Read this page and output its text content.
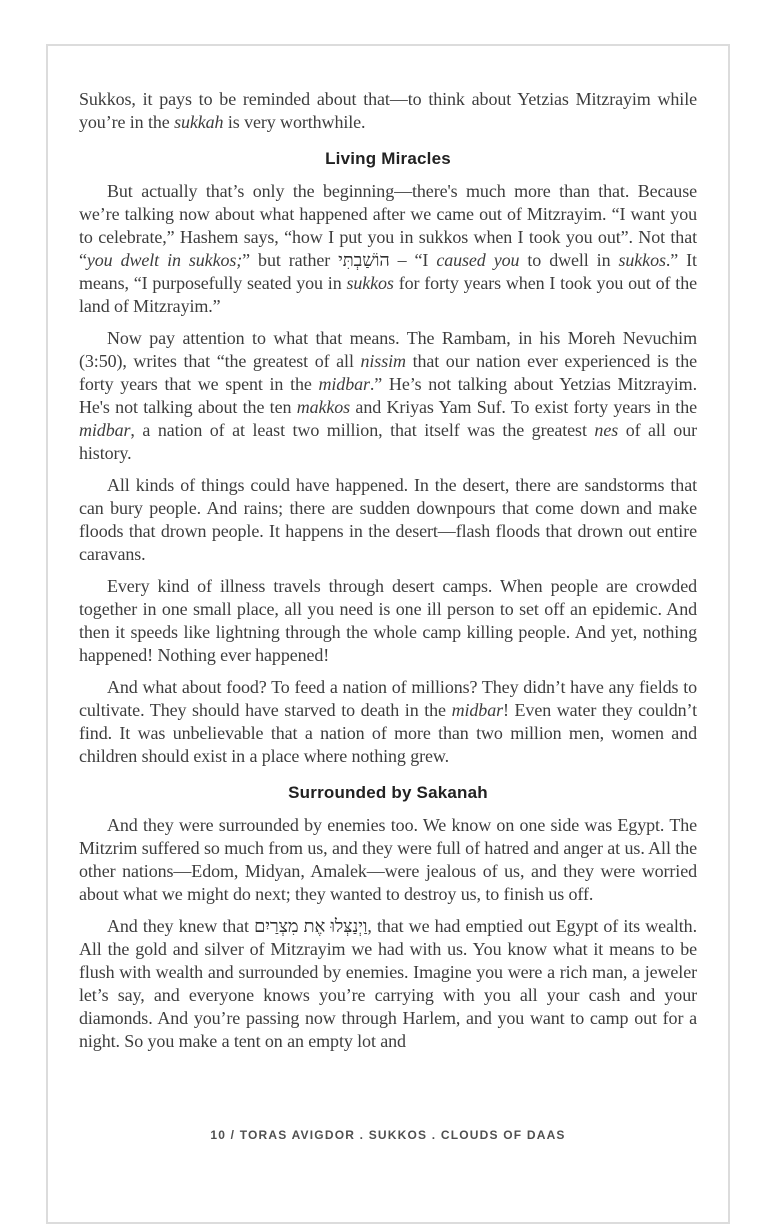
Sukkos, it pays to be reminded about that—to think about Yetzias Mitzrayim while you’re in the sukkah is very worthwhile.

Living Miracles

But actually that’s only the beginning—there's much more than that. Because we’re talking now about what happened after we came out of Mitzrayim. “I want you to celebrate,” Hashem says, “how I put you in sukkos when I took you out”. Not that “you dwelt in sukkos;” but rather הוֹשַׁבְתִּי – “I caused you to dwell in sukkos.” It means, “I purposefully seated you in sukkos for forty years when I took you out of the land of Mitzrayim.”

Now pay attention to what that means. The Rambam, in his Moreh Nevuchim (3:50), writes that “the greatest of all nissim that our nation ever experienced is the forty years that we spent in the midbar.” He’s not talking about Yetzias Mitzrayim. He's not talking about the ten makkos and Kriyas Yam Suf. To exist forty years in the midbar, a nation of at least two million, that itself was the greatest nes of all our history.

All kinds of things could have happened. In the desert, there are sandstorms that can bury people. And rains; there are sudden downpours that come down and make floods that drown people. It happens in the desert—flash floods that drown out entire caravans.

Every kind of illness travels through desert camps. When people are crowded together in one small place, all you need is one ill person to set off an epidemic. And then it speeds like lightning through the whole camp killing people. And yet, nothing happened! Nothing ever happened!

And what about food? To feed a nation of millions? They didn’t have any fields to cultivate. They should have starved to death in the midbar! Even water they couldn’t find. It was unbelievable that a nation of more than two million men, women and children should exist in a place where nothing grew.

Surrounded by Sakanah

And they were surrounded by enemies too. We know on one side was Egypt. The Mitzrim suffered so much from us, and they were full of hatred and anger at us. All the other nations—Edom, Midyan, Amalek—were jealous of us, and they were worried about what we might do next; they wanted to destroy us, to finish us off.

And they knew that וַיְנַצְּלוּ אֶת מִצְרַיִם, that we had emptied out Egypt of its wealth. All the gold and silver of Mitzrayim we had with us. You know what it means to be flush with wealth and surrounded by enemies. Imagine you were a rich man, a jeweler let’s say, and everyone knows you’re carrying with you all your cash and your diamonds. And you’re passing now through Harlem, and you want to camp out for a night. So you make a tent on an empty lot and

10 / TORAS AVIGDOR . SUKKOS . CLOUDS OF DAAS
